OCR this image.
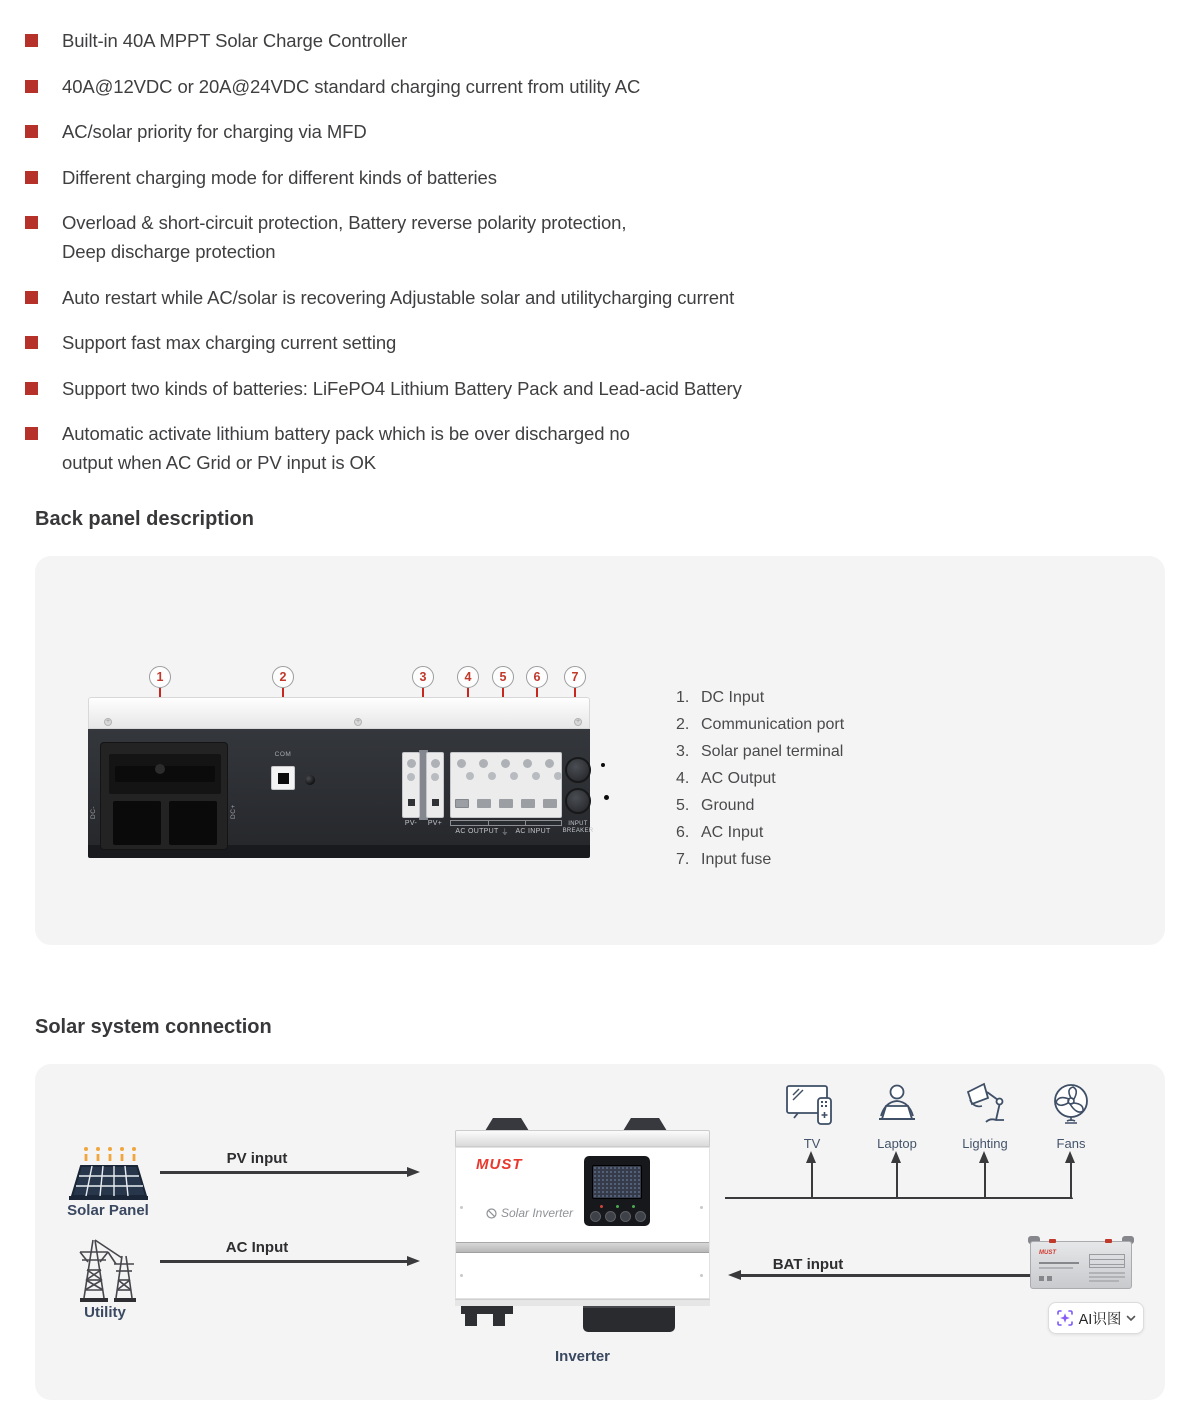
Built-in 40A MPPT Solar Charge Controller
40A@12VDC or 20A@24VDC standard charging current from utility AC
AC/solar priority for charging via MFD
Different charging mode for different kinds of batteries
Overload & short-circuit protection, Battery reverse polarity protection,
Deep discharge protection
Auto restart while AC/solar is recovering Adjustable solar and utilitycharging current
Support fast max charging current setting
Support two kinds of batteries: LiFePO4 Lithium Battery Pack and Lead-acid Battery
Automatic activate lithium battery pack which is be over discharged no
output when AC Grid or PV input is OK
Back panel description
1	2	3	4	5	6	7
+	+	+
DC-	DC+
COM
PV-	PV+
AC OUTPUT ⏚ AC INPUT
INPUT BREAKER
1. DC Input
2. Communication port
3. Solar panel terminal
4. AC Output
5. Ground
6. AC Input
7. Input fuse
Solar system connection
Solar Panel
PV input
Utility
AC Input
MUST
Solar Inverter
Inverter
TV	Laptop	Lighting	Fans
BAT input
MUST
AI识图
